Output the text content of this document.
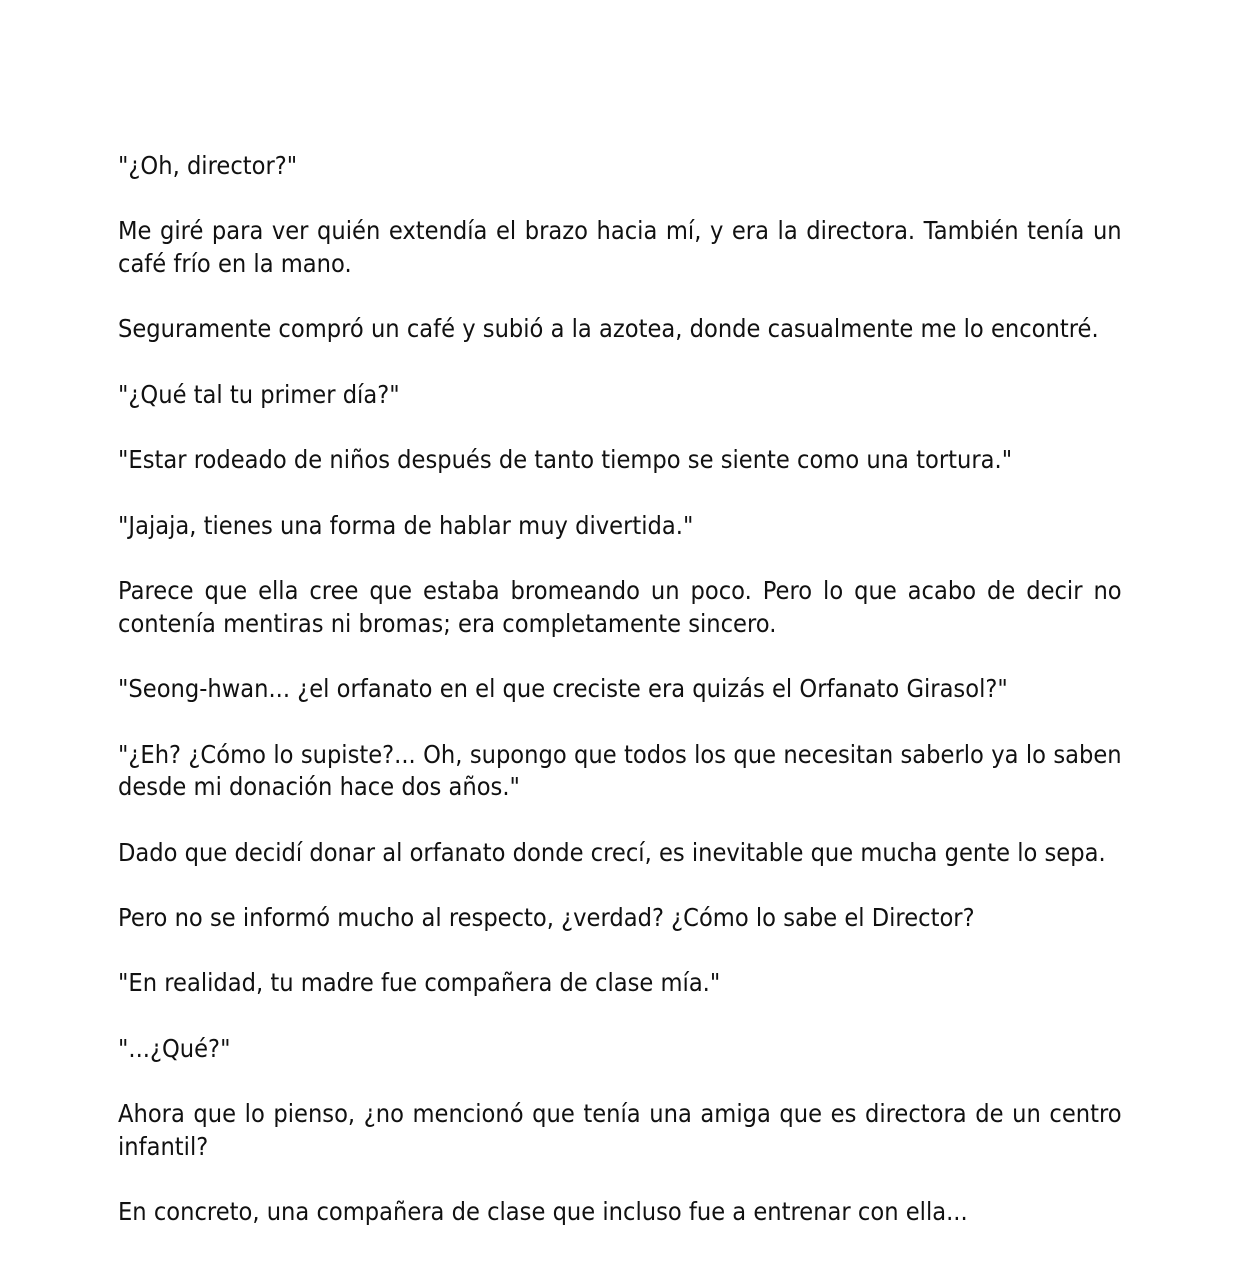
"¿Oh, director?"

Me giré para ver quién extendía el brazo hacia mí, y era la directora. También tenía un café frío en la mano.

Seguramente compró un café y subió a la azotea, donde casualmente me lo encontré.

"¿Qué tal tu primer día?"

"Estar rodeado de niños después de tanto tiempo se siente como una tortura."

"Jajaja, tienes una forma de hablar muy divertida."

Parece que ella cree que estaba bromeando un poco. Pero lo que acabo de decir no contenía mentiras ni bromas; era completamente sincero.

"Seong-hwan... ¿el orfanato en el que creciste era quizás el Orfanato Girasol?"

"¿Eh? ¿Cómo lo supiste?... Oh, supongo que todos los que necesitan saberlo ya lo saben desde mi donación hace dos años."

Dado que decidí donar al orfanato donde crecí, es inevitable que mucha gente lo sepa.

Pero no se informó mucho al respecto, ¿verdad? ¿Cómo lo sabe el Director?

"En realidad, tu madre fue compañera de clase mía."

"...¿Qué?"

Ahora que lo pienso, ¿no mencionó que tenía una amiga que es directora de un centro infantil?

En concreto, una compañera de clase que incluso fue a entrenar con ella...
